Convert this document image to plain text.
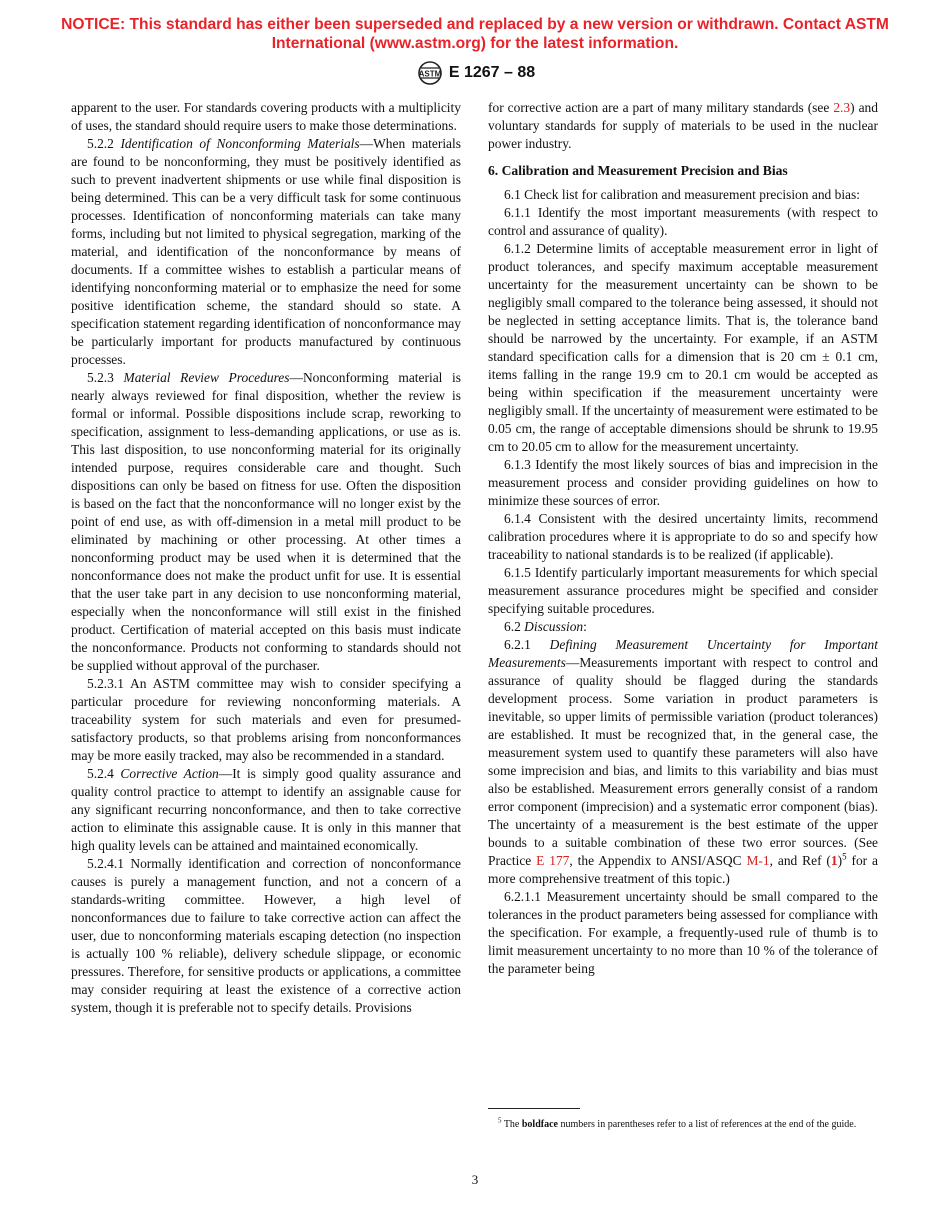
NOTICE: This standard has either been superseded and replaced by a new version or withdrawn. Contact ASTM International (www.astm.org) for the latest information.
ASTM E 1267 – 88

apparent to the user. For standards covering products with a multiplicity of uses, the standard should require users to make those determinations.

5.2.2 Identification of Nonconforming Materials—When materials are found to be nonconforming, they must be positively identified as such to prevent inadvertent shipments or use while final disposition is being determined. This can be a very difficult task for some continuous processes. Identification of nonconforming materials can take many forms, including but not limited to physical segregation, marking of the material, and identification of the nonconformance by means of documents. If a committee wishes to establish a particular means of identifying nonconforming material or to emphasize the need for some positive identification scheme, the standard should so state. A specification statement regarding identification of nonconformance may be particularly important for products manufactured by continuous processes.

5.2.3 Material Review Procedures—Nonconforming material is nearly always reviewed for final disposition, whether the review is formal or informal. Possible dispositions include scrap, reworking to specification, assignment to less-demanding applications, or use as is. This last disposition, to use nonconforming material for its originally intended purpose, requires considerable care and thought. Such dispositions can only be based on fitness for use. Often the disposition is based on the fact that the nonconformance will no longer exist by the point of end use, as with off-dimension in a metal mill product to be eliminated by machining or other processing. At other times a nonconforming product may be used when it is determined that the nonconformance does not make the product unfit for use. It is essential that the user take part in any decision to use nonconforming material, especially when the nonconformance will still exist in the finished product. Certification of material accepted on this basis must indicate the nonconformance. Products not conforming to standards should not be supplied without approval of the purchaser.

5.2.3.1 An ASTM committee may wish to consider specifying a particular procedure for reviewing nonconforming materials. A traceability system for such materials and even for presumed-satisfactory products, so that problems arising from nonconformances may be more easily tracked, may also be recommended in a standard.

5.2.4 Corrective Action—It is simply good quality assurance and quality control practice to attempt to identify an assignable cause for any significant recurring nonconformance, and then to take corrective action to eliminate this assignable cause. It is only in this manner that high quality levels can be attained and maintained economically.

5.2.4.1 Normally identification and correction of nonconformance causes is purely a management function, and not a concern of a standards-writing committee. However, a high level of nonconformances due to failure to take corrective action can affect the user, due to nonconforming materials escaping detection (no inspection is actually 100 % reliable), delivery schedule slippage, or economic pressures. Therefore, for sensitive products or applications, a committee may consider requiring at least the existence of a corrective action system, though it is preferable not to specify details. Provisions

for corrective action are a part of many military standards (see 2.3) and voluntary standards for supply of materials to be used in the nuclear power industry.

6. Calibration and Measurement Precision and Bias

6.1 Check list for calibration and measurement precision and bias:

6.1.1 Identify the most important measurements (with respect to control and assurance of quality).

6.1.2 Determine limits of acceptable measurement error in light of product tolerances, and specify maximum acceptable measurement uncertainty for the measurement uncertainty can be shown to be negligibly small compared to the tolerance being assessed, it should not be neglected in setting acceptance limits. That is, the tolerance band should be narrowed by the uncertainty. For example, if an ASTM standard specification calls for a dimension that is 20 cm ± 0.1 cm, items falling in the range 19.9 cm to 20.1 cm would be accepted as being within specification if the measurement uncertainty were negligibly small. If the uncertainty of measurement were estimated to be 0.05 cm, the range of acceptable dimensions should be shrunk to 19.95 cm to 20.05 cm to allow for the measurement uncertainty.

6.1.3 Identify the most likely sources of bias and imprecision in the measurement process and consider providing guidelines on how to minimize these sources of error.

6.1.4 Consistent with the desired uncertainty limits, recommend calibration procedures where it is appropriate to do so and specify how traceability to national standards is to be realized (if applicable).

6.1.5 Identify particularly important measurements for which special measurement assurance procedures might be specified and consider specifying suitable procedures.

6.2 Discussion:

6.2.1 Defining Measurement Uncertainty for Important Measurements—Measurements important with respect to control and assurance of quality should be flagged during the standards development process. Some variation in product parameters is inevitable, so upper limits of permissible variation (product tolerances) are established. It must be recognized that, in the general case, the measurement system used to quantify these parameters will also have some imprecision and bias, and limits to this variability and bias must also be established. Measurement errors generally consist of a random error component (imprecision) and a systematic error component (bias). The uncertainty of a measurement is the best estimate of the upper bounds to a suitable combination of these two error sources. (See Practice E 177, the Appendix to ANSI/ASQC M-1, and Ref $(1)^5$ for a more comprehensive treatment of this topic.)

6.2.1.1 Measurement uncertainty should be small compared to the tolerances in the product parameters being assessed for compliance with the specification. For example, a frequently-used rule of thumb is to limit measurement uncertainty to no more than 10 % of the tolerance of the parameter being

$^5$ The boldface numbers in parentheses refer to a list of references at the end of the guide.
3
